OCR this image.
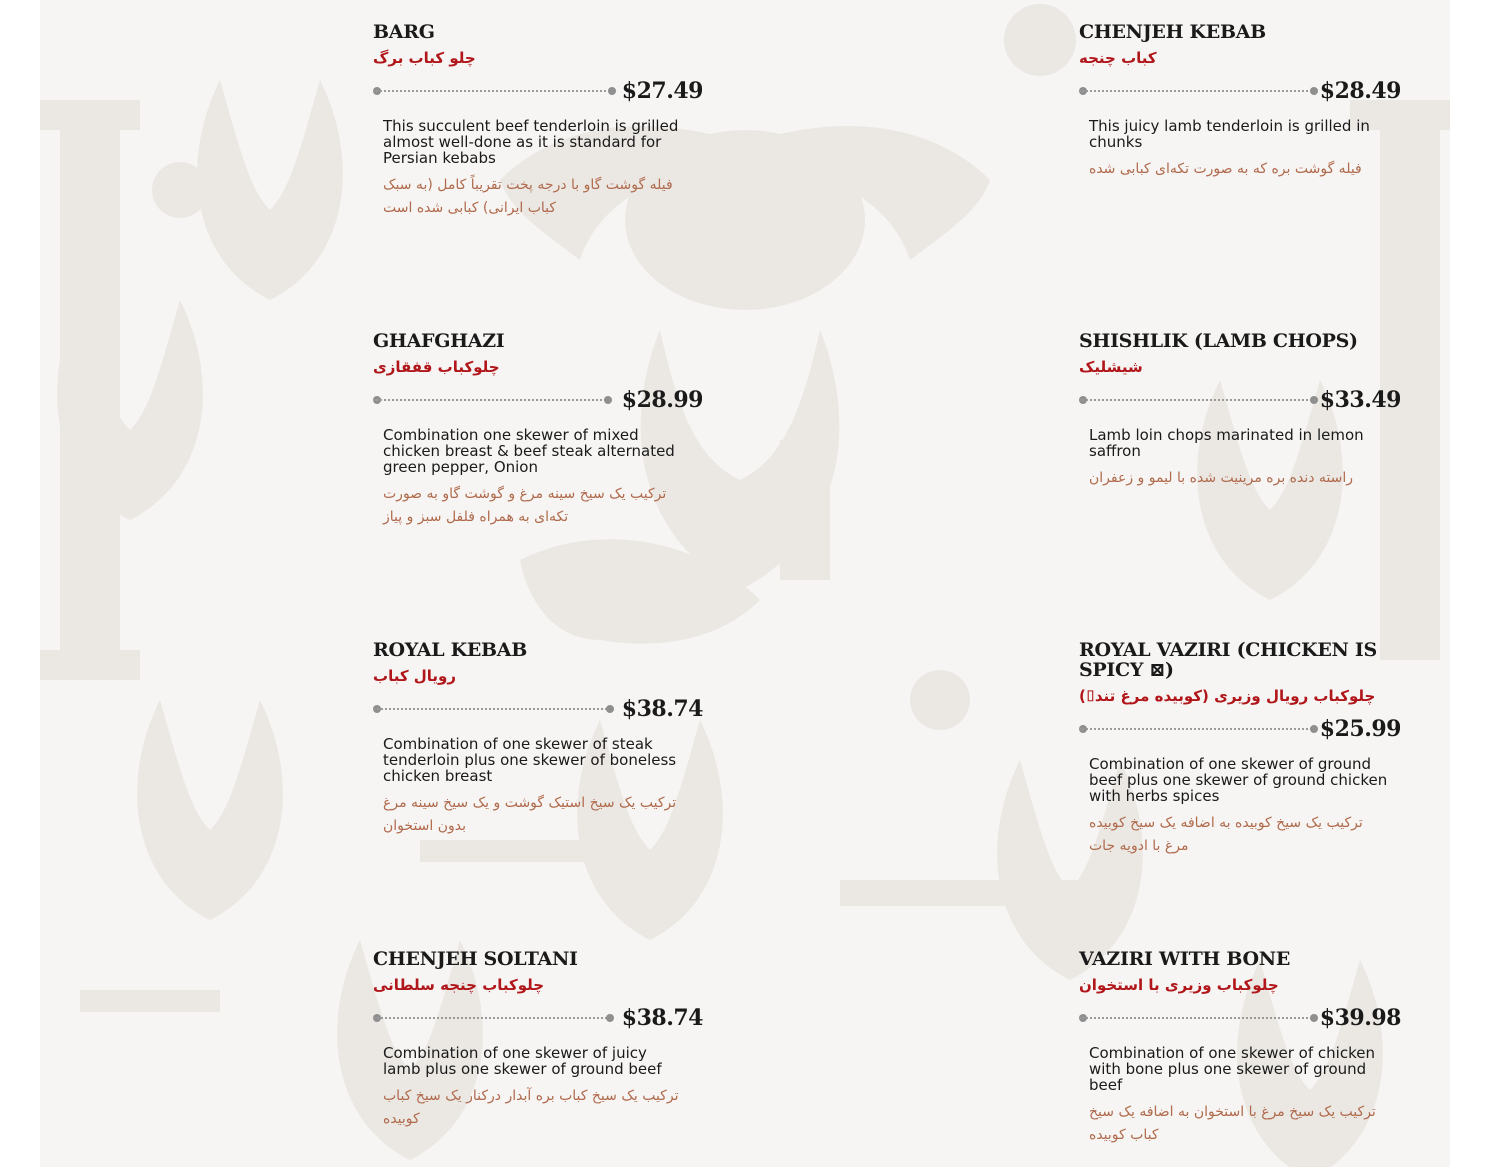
BARG
چلو کباب برگ
$27.49
This succulent beef tenderloin is grilled almost well-done as it is standard for Persian kebabs
فیله گوشت گاو با درجه پخت تقریباً کامل (به سبک کباب ایرانی) کبابی شده است
CHENJEH KEBAB
کباب چنجه
$28.49
This juicy lamb tenderloin is grilled in chunks
فیله گوشت بره که به صورت تکه‌ای کبابی شده
GHAFGHAZI
چلوکباب قفقازی
$28.99
Combination one skewer of mixed chicken breast & beef steak alternated green pepper, Onion
ترکیب یک سیخ سینه مرغ و گوشت گاو به صورت تکه‌ای به همراه فلفل سبز و پیاز
SHISHLIK (LAMB CHOPS)
شیشلیک
$33.49
Lamb loin chops marinated in lemon saffron
راسته دنده بره مرینیت شده با لیمو و زعفران
ROYAL KEBAB
رویال کباب
$38.74
Combination of one skewer of steak tenderloin plus one skewer of boneless chicken breast
ترکیب یک سیخ استیک گوشت و یک سیخ سینه مرغ بدون استخوان
ROYAL VAZIRI (CHICKEN IS SPICY ⊠)
چلوکباب رویال وزیری (کوبیده مرغ تند⌷)
$25.99
Combination of one skewer of ground beef plus one skewer of ground chicken with herbs spices
ترکیب یک سیخ کوبیده به اضافه یک سیخ کوبیده مرغ با ادویه جات
CHENJEH SOLTANI
چلوکباب چنجه سلطانی
$38.74
Combination of one skewer of juicy lamb plus one skewer of ground beef
ترکیب یک سیخ کباب بره آبدار درکنار یک سیخ کباب کوبیده
VAZIRI WITH BONE
چلوکباب وزیری با استخوان
$39.98
Combination of one skewer of chicken with bone plus one skewer of ground beef
ترکیب یک سیخ مرغ با استخوان به اضافه یک سیخ کباب کوبیده
